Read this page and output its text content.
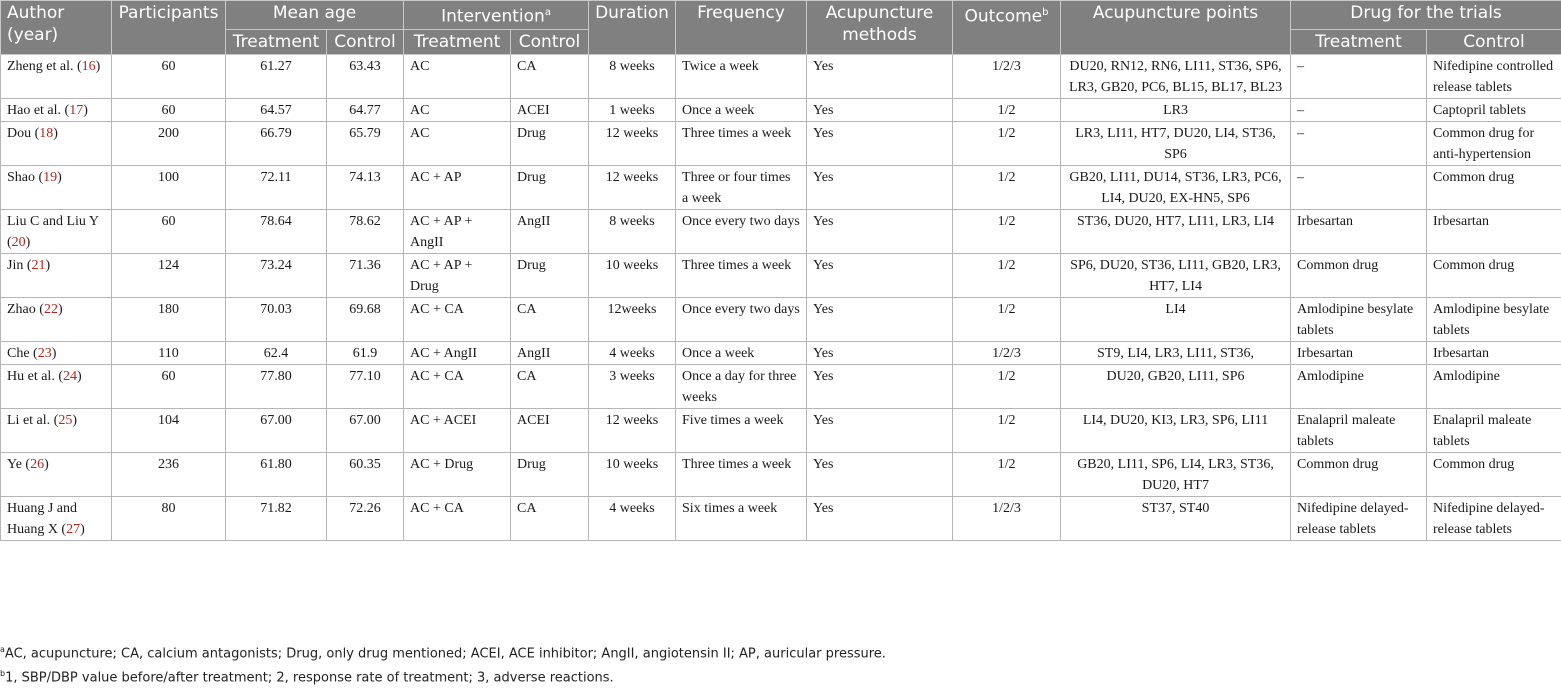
Author (year)	Participants	Mean age		Intervention$^a$		Duration	Frequency	Acupuncture methods	Outcome$^b$	Acupuncture points	Drug for the trials	
		Treatment	Control	Treatment	Control						Treatment	Control
Zheng et al. (16)	60	61.27	63.43	AC	CA	8 weeks	Twice a week	Yes	1/2/3	DU20, RN12, RN6, LI11, ST36, SP6, LR3, GB20, PC6, BL15, BL17, BL23	–	Nifedipine controlled release tablets
Hao et al. (17)	60	64.57	64.77	AC	ACEI	1 weeks	Once a week	Yes	1/2	LR3	–	Captopril tablets
Dou (18)	200	66.79	65.79	AC	Drug	12 weeks	Three times a week	Yes	1/2	LR3, LI11, HT7, DU20, LI4, ST36, SP6	–	Common drug for anti-hypertension
Shao (19)	100	72.11	74.13	AC + AP	Drug	12 weeks	Three or four times a week	Yes	1/2	GB20, LI11, DU14, ST36, LR3, PC6, LI4, DU20, EX-HN5, SP6	–	Common drug
Liu C and Liu Y (20)	60	78.64	78.62	AC + AP + AngII	AngII	8 weeks	Once every two days	Yes	1/2	ST36, DU20, HT7, LI11, LR3, LI4	Irbesartan	Irbesartan
Jin (21)	124	73.24	71.36	AC + AP + Drug	Drug	10 weeks	Three times a week	Yes	1/2	SP6, DU20, ST36, LI11, GB20, LR3, HT7, LI4	Common drug	Common drug
Zhao (22)	180	70.03	69.68	AC + CA	CA	12weeks	Once every two days	Yes	1/2	LI4	Amlodipine besylate tablets	Amlodipine besylate tablets
Che (23)	110	62.4	61.9	AC + AngII	AngII	4 weeks	Once a week	Yes	1/2/3	ST9, LI4, LR3, LI11, ST36,	Irbesartan	Irbesartan
Hu et al. (24)	60	77.80	77.10	AC + CA	CA	3 weeks	Once a day for three weeks	Yes	1/2	DU20, GB20, LI11, SP6	Amlodipine	Amlodipine
Li et al. (25)	104	67.00	67.00	AC + ACEI	ACEI	12 weeks	Five times a week	Yes	1/2	LI4, DU20, KI3, LR3, SP6, LI11	Enalapril maleate tablets	Enalapril maleate tablets
Ye (26)	236	61.80	60.35	AC + Drug	Drug	10 weeks	Three times a week	Yes	1/2	GB20, LI11, SP6, LI4, LR3, ST36, DU20, HT7	Common drug	Common drug
Huang J and Huang X (27)	80	71.82	72.26	AC + CA	CA	4 weeks	Six times a week	Yes	1/2/3	ST37, ST40	Nifedipine delayed-release tablets	Nifedipine delayed-release tablets

$^a$AC, acupuncture; CA, calcium antagonists; Drug, only drug mentioned; ACEI, ACE inhibitor; AngII, angiotensin II; AP, auricular pressure.

$^b$1, SBP/DBP value before/after treatment; 2, response rate of treatment; 3, adverse reactions.
